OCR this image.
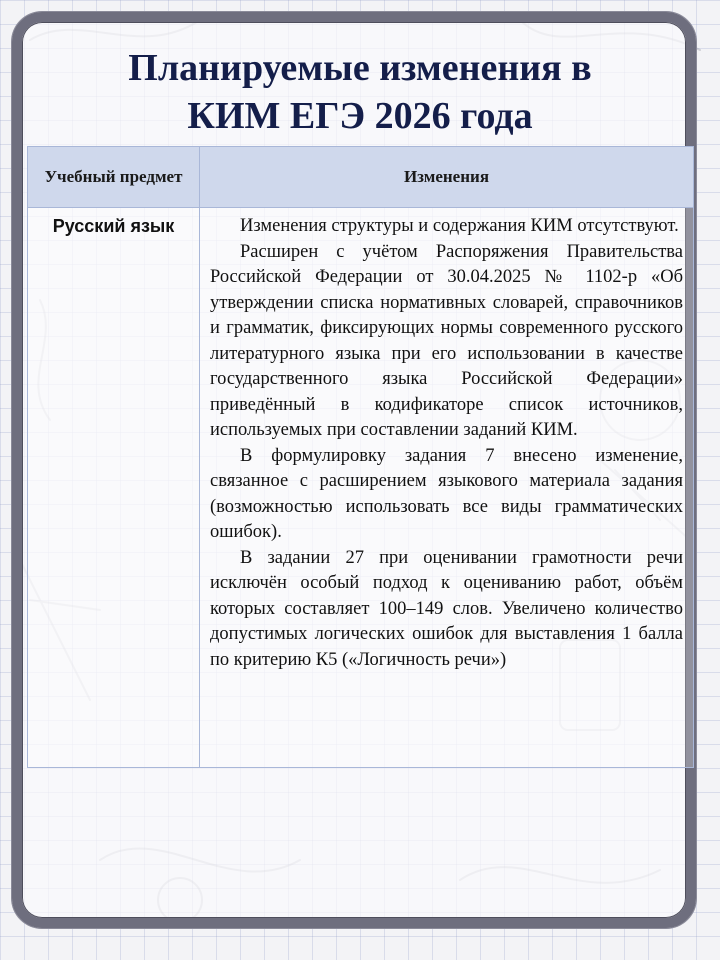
Планируемые изменения в
КИМ ЕГЭ 2026 года
Учебный предмет	Изменения
Русский язык	Изменения структуры и содержания КИМ отсутствуют.

Расширен с учётом Распоряжения Правительства Российской Федерации от 30.04.2025 № 1102-р «Об утверждении списка нормативных словарей, справочников и грамматик, фиксирующих нормы современного русского литературного языка при его использовании в качестве государственного языка Российской Федерации» приведённый в кодификаторе список источников, используемых при составлении заданий КИМ.

В формулировку задания 7 внесено изменение, связанное с расширением языкового материала задания (возможностью использовать все виды грамматических ошибок).

В задании 27 при оценивании грамотности речи исключён особый подход к оцениванию работ, объём которых составляет 100–149 слов. Увеличено количество допустимых логических ошибок для выставления 1 балла по критерию К5 («Логичность речи»)
